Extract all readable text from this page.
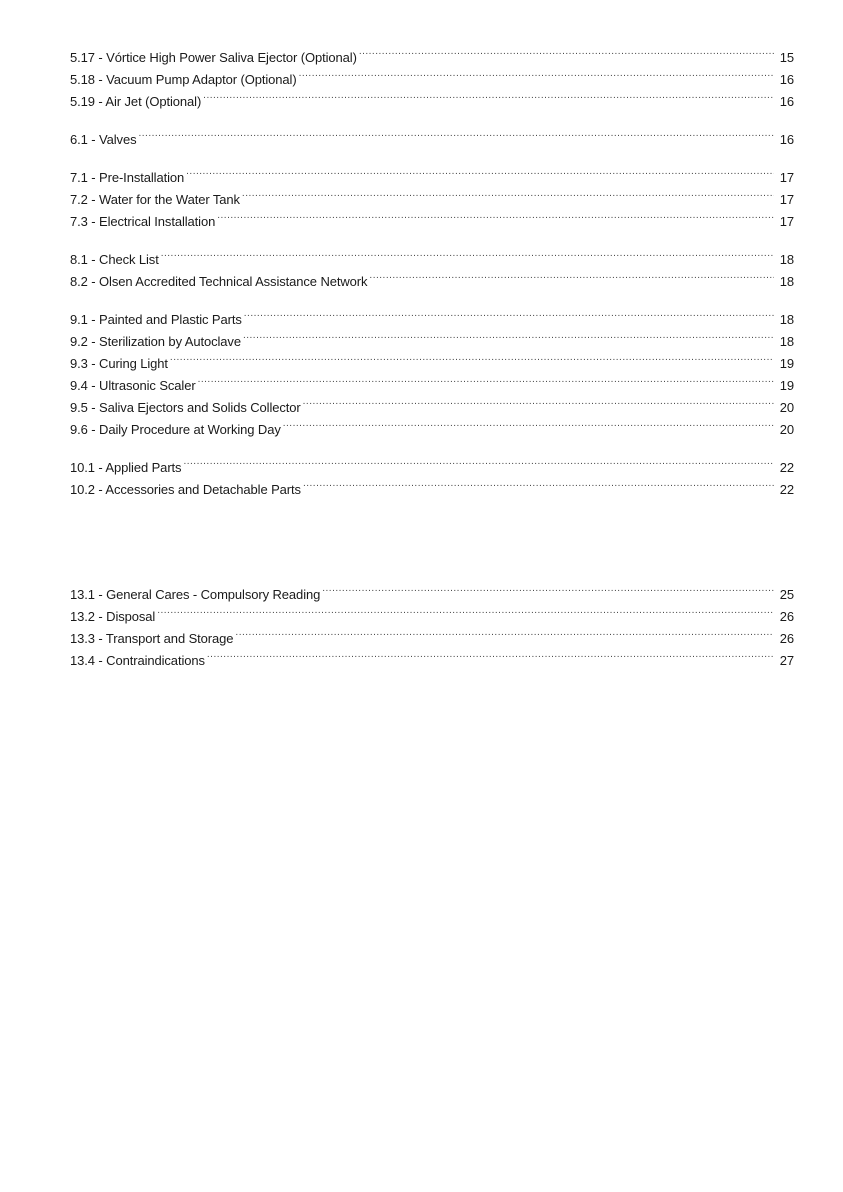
5.17 - Vórtice High Power Saliva Ejector (Optional) .....	15
5.18 - Vacuum Pump Adaptor (Optional) .....	16
5.19 - Air Jet (Optional) .....	16
6.1 - Valves .....	16
7.1 - Pre-Installation .....	17
7.2 - Water for the Water Tank .....	17
7.3 - Electrical Installation .....	17
8.1 - Check List .....	18
8.2 - Olsen Accredited Technical Assistance Network .....	18
9.1 - Painted and Plastic Parts .....	18
9.2 - Sterilization by Autoclave .....	18
9.3 - Curing Light .....	19
9.4 - Ultrasonic Scaler .....	19
9.5 - Saliva Ejectors and Solids Collector .....	20
9.6 - Daily Procedure at Working Day .....	20
10.1 - Applied Parts .....	22
10.2 - Accessories and Detachable Parts .....	22
13.1 - General Cares - Compulsory Reading .....	25
13.2 - Disposal .....	26
13.3 - Transport and Storage .....	26
13.4 - Contraindications .....	27
